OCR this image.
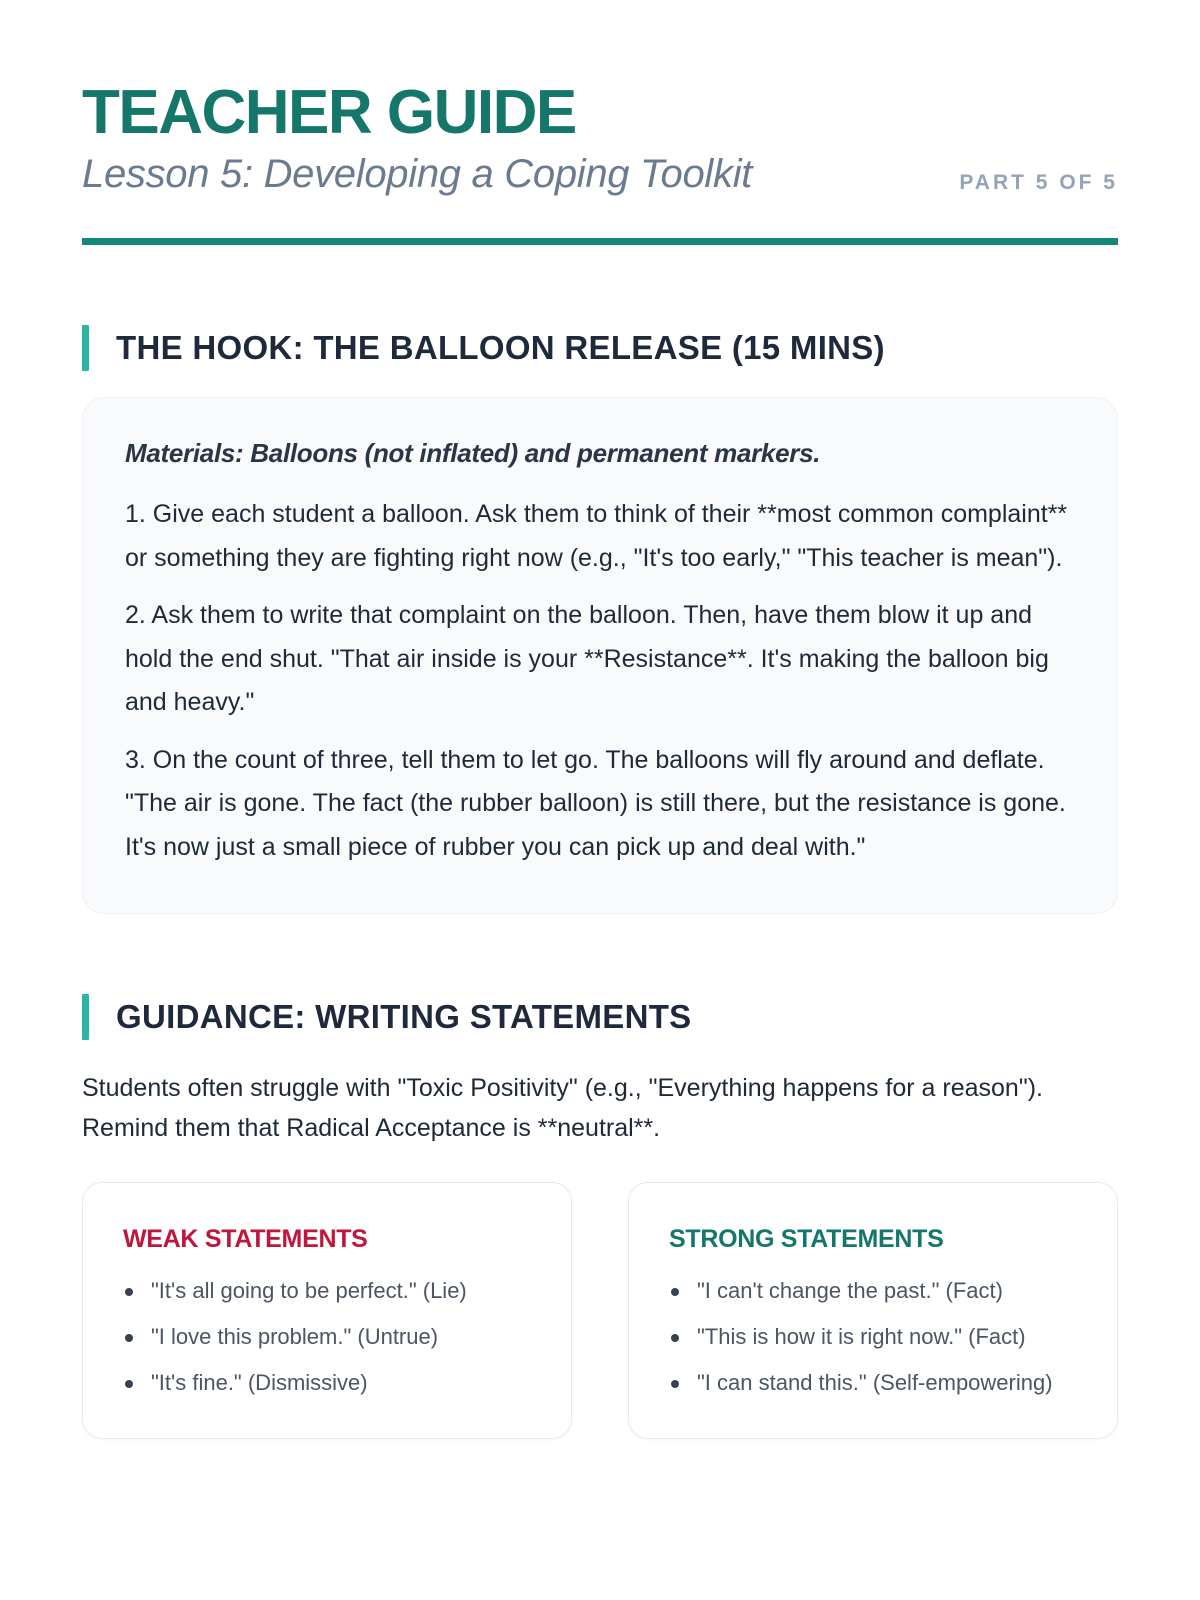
TEACHER GUIDE
Lesson 5: Developing a Coping Toolkit	PART 5 OF 5
THE HOOK: THE BALLOON RELEASE (15 MINS)

Materials: Balloons (not inflated) and permanent markers.

1. Give each student a balloon. Ask them to think of their **most common complaint** or something they are fighting right now (e.g., "It's too early," "This teacher is mean").

2. Ask them to write that complaint on the balloon. Then, have them blow it up and hold the end shut. "That air inside is your **Resistance**. It's making the balloon big and heavy."

3. On the count of three, tell them to let go. The balloons will fly around and deflate. "The air is gone. The fact (the rubber balloon) is still there, but the resistance is gone. It's now just a small piece of rubber you can pick up and deal with."

GUIDANCE: WRITING STATEMENTS

Students often struggle with "Toxic Positivity" (e.g., "Everything happens for a reason"). Remind them that Radical Acceptance is **neutral**.

WEAK STATEMENTS
"It's all going to be perfect." (Lie)
"I love this problem." (Untrue)
"It's fine." (Dismissive)
STRONG STATEMENTS
"I can't change the past." (Fact)
"This is how it is right now." (Fact)
"I can stand this." (Self-empowering)
